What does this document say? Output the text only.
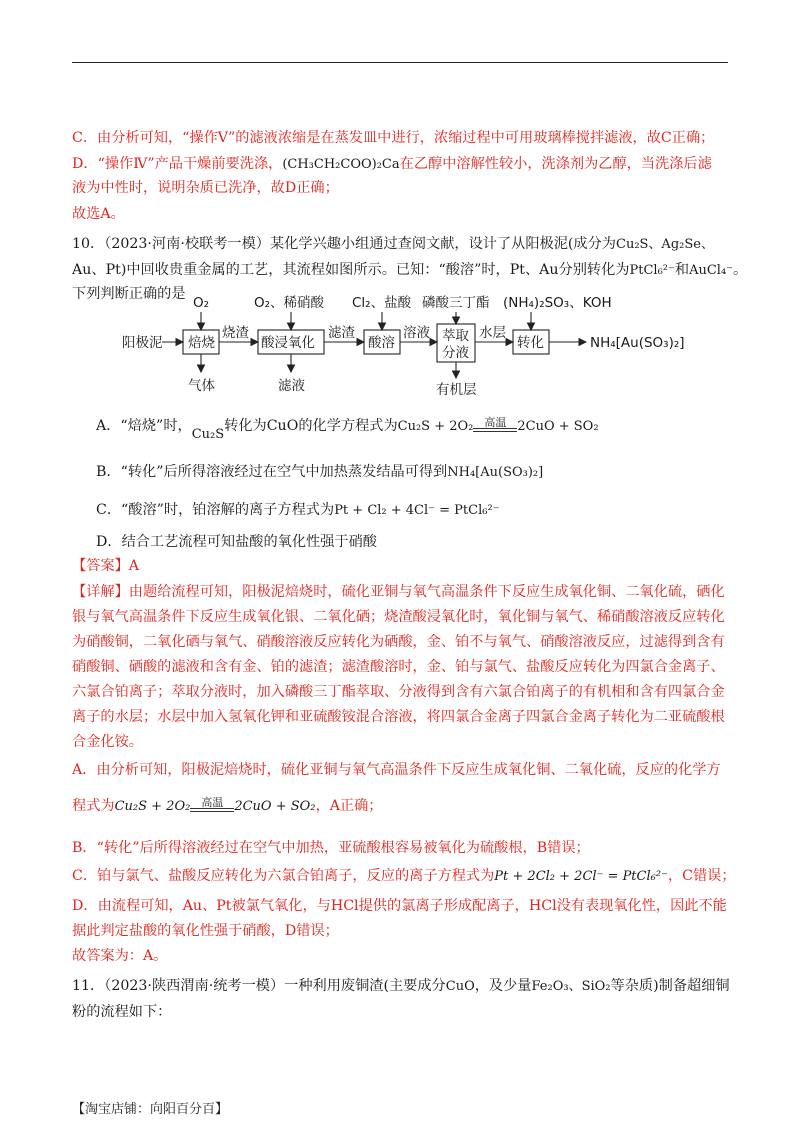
C．由分析可知，“操作Ⅴ”的滤液浓缩是在蒸发皿中进行，浓缩过程中可用玻璃棒搅拌滤液，故C正确；
D．“操作Ⅳ”产品干燥前要洗涤，(CH₃CH₂COO)₂Ca在乙醇中溶解性较小，洗涤剂为乙醇，当洗涤后滤
液为中性时，说明杂质已洗净，故D正确；
故选A。
10．（2023·河南·校联考一模）某化学兴趣小组通过查阅文献，设计了从阳极泥(成分为Cu₂S、Ag₂Se、
Au、Pt)中回收贵重金属的工艺，其流程如图所示。已知：“酸溶”时，Pt、Au分别转化为PtCl₆²⁻和AuCl₄⁻。
下列判断正确的是
阳极泥 焙烧
O₂
气体
烧渣
酸浸氧化
O₂、稀硝酸
滤液
滤渣
酸溶
Cl₂、盐酸
溶液 萃取
分液
磷酸三丁酯
有机层
水层
转化
(NH₄)₂SO₃、KOH
NH₄[Au(SO₃)₂]
A．“焙烧”时，Cu₂S转化为CuO的化学方程式为Cu₂S + 2O₂	高温 2CuO + SO₂
B．“转化”后所得溶液经过在空气中加热蒸发结晶可得到NH₄[Au(SO₃)₂]
C．“酸溶”时，铂溶解的离子方程式为Pt + Cl₂ + 4Cl⁻ = PtCl₆²⁻
D．结合工艺流程可知盐酸的氧化性强于硝酸
【答案】A
【详解】由题给流程可知，阳极泥焙烧时，硫化亚铜与氧气高温条件下反应生成氧化铜、二氧化硫，硒化
银与氧气高温条件下反应生成氧化银、二氧化硒；烧渣酸浸氧化时，氧化铜与氧气、稀硝酸溶液反应转化
为硝酸铜，二氧化硒与氧气、硝酸溶液反应转化为硒酸，金、铂不与氧气、硝酸溶液反应，过滤得到含有
硝酸铜、硒酸的滤液和含有金、铂的滤渣；滤渣酸溶时，金、铂与氯气、盐酸反应转化为四氯合金离子、
六氯合铂离子；萃取分液时，加入磷酸三丁酯萃取、分液得到含有六氯合铂离子的有机相和含有四氯合金
离子的水层；水层中加入氢氧化钾和亚硫酸铵混合溶液，将四氯合金离子四氯合金离子转化为二亚硫酸根
合金化铵。
A．由分析可知，阳极泥焙烧时，硫化亚铜与氧气高温条件下反应生成氧化铜、二氧化硫，反应的化学方
程式为Cu₂S + 2O₂	高温 2CuO + SO₂，A正确；
B．“转化”后所得溶液经过在空气中加热，亚硫酸根容易被氧化为硫酸根，B错误；
C．铂与氯气、盐酸反应转化为六氯合铂离子，反应的离子方程式为Pt + 2Cl₂ + 2Cl⁻ = PtCl₆²⁻，C错误；
D．由流程可知，Au、Pt被氯气氧化，与HCl提供的氯离子形成配离子，HCl没有表现氧化性，因此不能
据此判定盐酸的氧化性强于硝酸，D错误；
故答案为：A。
11．（2023·陕西渭南·统考一模）一种利用废铜渣(主要成分CuO，及少量Fe₂O₃、SiO₂等杂质)制备超细铜
粉的流程如下：
【淘宝店铺：向阳百分百】
